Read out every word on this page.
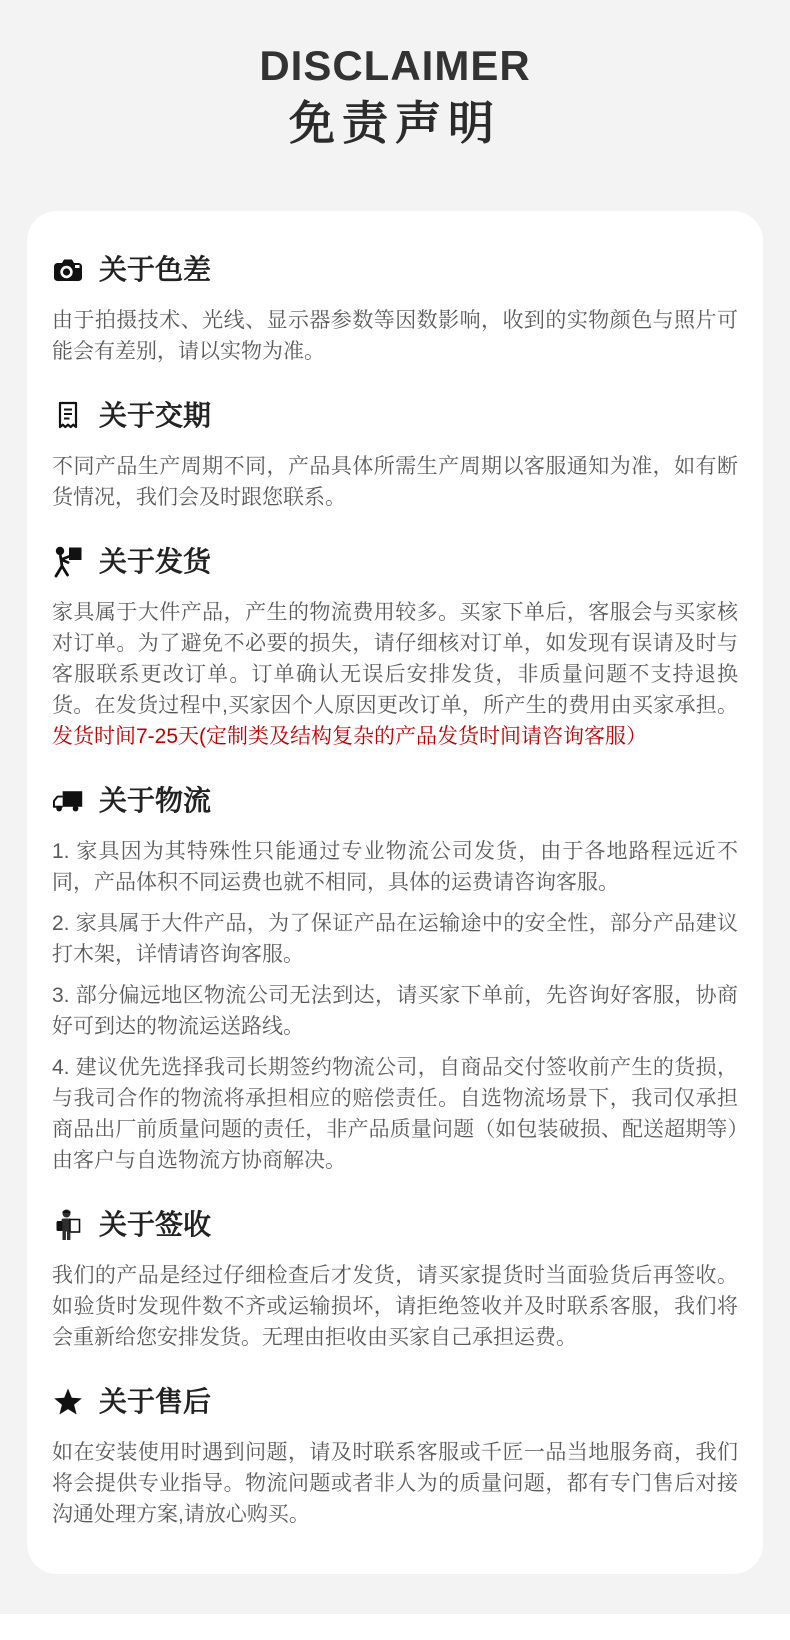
DISCLAIMER
免责声明
关于色差

由于拍摄技术、光线、显示器参数等因数影响，收到的实物颜色与照片可能会有差别，请以实物为准。

关于交期

不同产品生产周期不同，产品具体所需生产周期以客服通知为准，如有断货情况，我们会及时跟您联系。

关于发货

家具属于大件产品，产生的物流费用较多。买家下单后，客服会与买家核对订单。为了避免不必要的损失，请仔细核对订单，如发现有误请及时与客服联系更改订单。订单确认无误后安排发货，非质量问题不支持退换货。在发货过程中,买家因个人原因更改订单，所产生的费用由买家承担。发货时间7-25天(定制类及结构复杂的产品发货时间请咨询客服）

关于物流

1. 家具因为其特殊性只能通过专业物流公司发货，由于各地路程远近不同，产品体积不同运费也就不相同，具体的运费请咨询客服。

2. 家具属于大件产品，为了保证产品在运输途中的安全性，部分产品建议打木架，详情请咨询客服。

3. 部分偏远地区物流公司无法到达，请买家下单前，先咨询好客服，协商好可到达的物流运送路线。

4. 建议优先选择我司长期签约物流公司，自商品交付签收前产生的货损，与我司合作的物流将承担相应的赔偿责任。自选物流场景下，我司仅承担商品出厂前质量问题的责任，非产品质量问题（如包装破损、配送超期等）由客户与自选物流方协商解决。

关于签收

我们的产品是经过仔细检查后才发货，请买家提货时当面验货后再签收。如验货时发现件数不齐或运输损坏，请拒绝签收并及时联系客服，我们将会重新给您安排发货。无理由拒收由买家自己承担运费。

关于售后

如在安装使用时遇到问题，请及时联系客服或千匠一品当地服务商，我们将会提供专业指导。物流问题或者非人为的质量问题，都有专门售后对接沟通处理方案,请放心购买。
